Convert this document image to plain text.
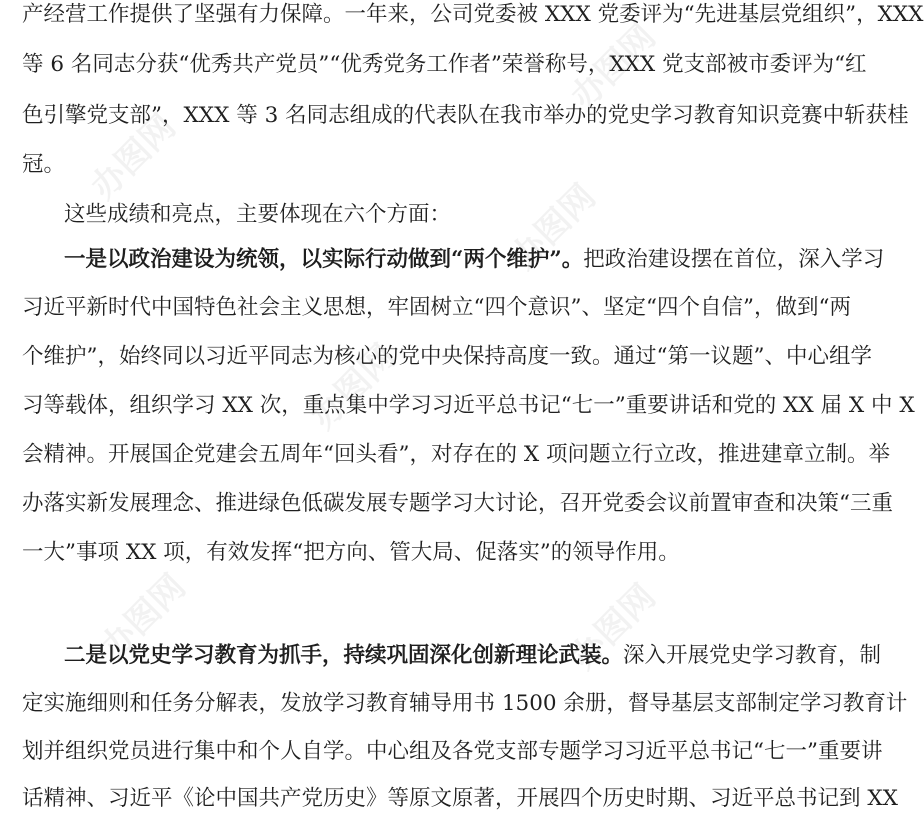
办图网
办图网
办图网
办图网
办图网	办图网
产经营工作提供了坚强有力保障。一年来，公司党委被 XXX 党委评为“先进基层党组织”，XXX
等 6 名同志分获“优秀共产党员”“优秀党务工作者”荣誉称号，XXX 党支部被市委评为“红
色引擎党支部”，XXX 等 3 名同志组成的代表队在我市举办的党史学习教育知识竞赛中斩获桂
冠。
这些成绩和亮点，主要体现在六个方面：
一是以政治建设为统领，以实际行动做到“两个维护”。把政治建设摆在首位，深入学习
习近平新时代中国特色社会主义思想，牢固树立“四个意识”、坚定“四个自信”，做到“两
个维护”，始终同以习近平同志为核心的党中央保持高度一致。通过“第一议题”、中心组学
习等载体，组织学习 XX 次，重点集中学习习近平总书记“七一”重要讲话和党的 XX 届 X 中 X
会精神。开展国企党建会五周年“回头看”，对存在的 X 项问题立行立改，推进建章立制。举
办落实新发展理念、推进绿色低碳发展专题学习大讨论，召开党委会议前置审查和决策“三重
一大”事项 XX 项，有效发挥“把方向、管大局、促落实”的领导作用。
二是以党史学习教育为抓手，持续巩固深化创新理论武装。深入开展党史学习教育，制
定实施细则和任务分解表，发放学习教育辅导用书 1500 余册，督导基层支部制定学习教育计
划并组织党员进行集中和个人自学。中心组及各党支部专题学习习近平总书记“七一”重要讲
话精神、习近平《论中国共产党历史》等原文原著，开展四个历史时期、习近平总书记到 XX
